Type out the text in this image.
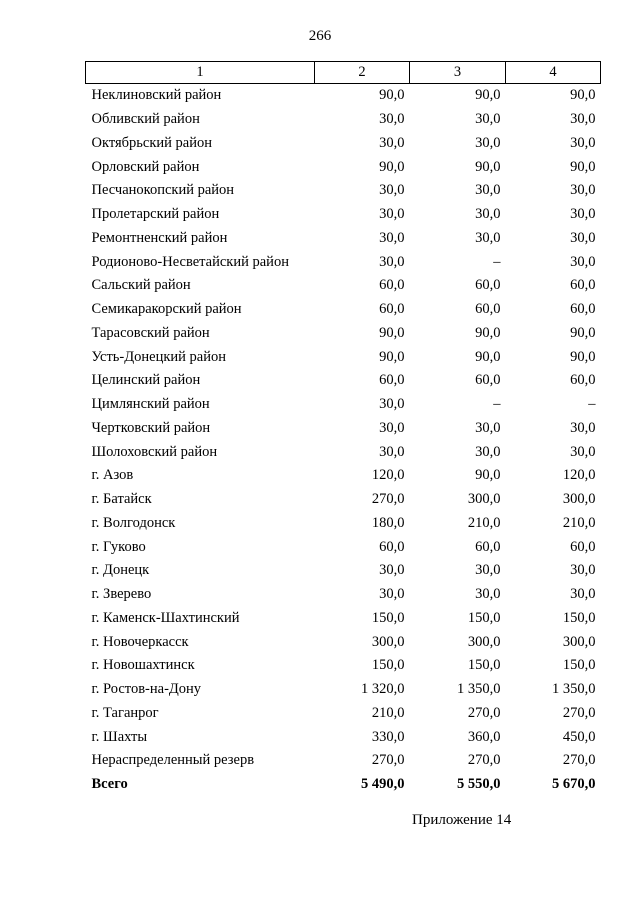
266
1	2	3	4
Неклиновский район	90,0	90,0	90,0
Обливский район	30,0	30,0	30,0
Октябрьский район	30,0	30,0	30,0
Орловский район	90,0	90,0	90,0
Песчанокопский район	30,0	30,0	30,0
Пролетарский район	30,0	30,0	30,0
Ремонтненский район	30,0	30,0	30,0
Родионово-Несветайский район	30,0	–	30,0
Сальский район	60,0	60,0	60,0
Семикаракорский район	60,0	60,0	60,0
Тарасовский район	90,0	90,0	90,0
Усть-Донецкий район	90,0	90,0	90,0
Целинский район	60,0	60,0	60,0
Цимлянский район	30,0	–	–
Чертковский район	30,0	30,0	30,0
Шолоховский район	30,0	30,0	30,0
г. Азов	120,0	90,0	120,0
г. Батайск	270,0	300,0	300,0
г. Волгодонск	180,0	210,0	210,0
г. Гуково	60,0	60,0	60,0
г. Донецк	30,0	30,0	30,0
г. Зверево	30,0	30,0	30,0
г. Каменск-Шахтинский	150,0	150,0	150,0
г. Новочеркасск	300,0	300,0	300,0
г. Новошахтинск	150,0	150,0	150,0
г. Ростов-на-Дону	1 320,0	1 350,0	1 350,0
г. Таганрог	210,0	270,0	270,0
г. Шахты	330,0	360,0	450,0
Нераспределенный резерв	270,0	270,0	270,0
Всего	5 490,0	5 550,0	5 670,0
Приложение 14
